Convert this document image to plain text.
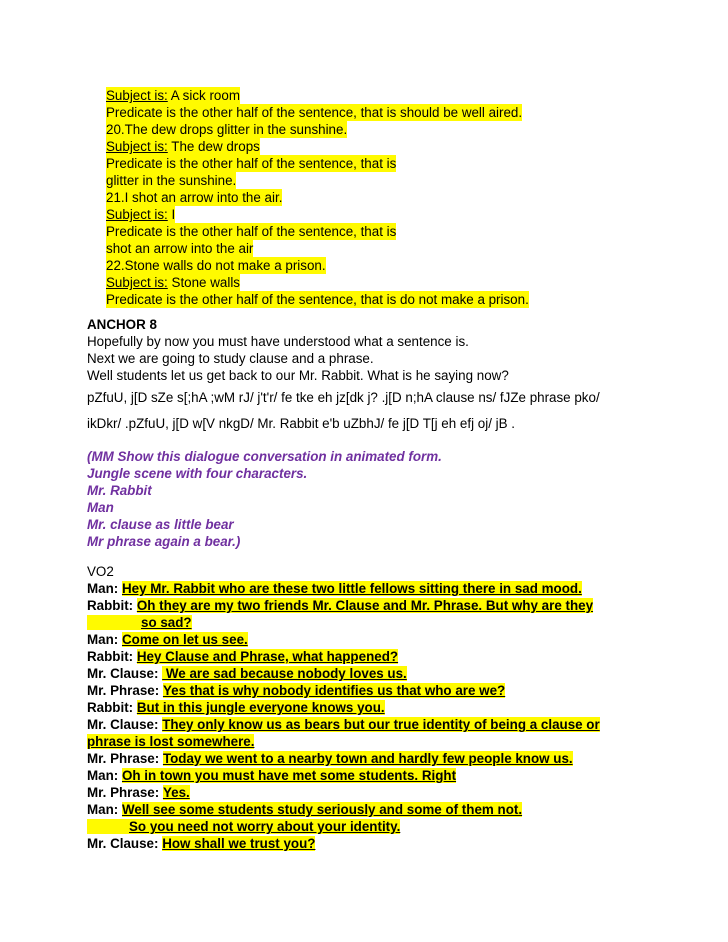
Subject is: A sick room
Predicate is the other half of the sentence, that is should be well aired.
20.The dew drops glitter in the sunshine.
Subject is: The dew drops
Predicate is the other half of the sentence, that is
glitter in the sunshine.
21.I shot an arrow into the air.
Subject is: I
Predicate is the other half of the sentence, that is
shot an arrow into the air
22.Stone walls do not make a prison.
Subject is: Stone walls
Predicate is the other half of the sentence, that is do not make a prison.
ANCHOR 8
Hopefully by now you must have understood what a sentence is.
Next we are going to study clause and a phrase.
Well students let us get back to our Mr. Rabbit. What is he saying now?
pZfuU, j[D sZe s[;hA ;wM rJ/ j't'r/ fe tke eh jz[dk j? .j[D n;hA clause ns/ fJZe phrase pko/
ikDkr/ .pZfuU, j[D w[V nkgD/ Mr. Rabbit e'b uZbhJ/ fe j[D T[j eh efj oj/ jB .
(MM Show this dialogue conversation in animated form.
Jungle scene with four characters.
Mr. Rabbit
Man
Mr. clause as little bear
Mr phrase again a bear.)
VO2
Man: Hey Mr. Rabbit who are these two little fellows sitting there in sad mood.
Rabbit: Oh they are my two friends Mr. Clause and Mr. Phrase. But why are they
so sad?
Man: Come on let us see.
Rabbit: Hey Clause and Phrase, what happened?
Mr. Clause:  We are sad because nobody loves us.
Mr. Phrase: Yes that is why nobody identifies us that who are we?
Rabbit: But in this jungle everyone knows you.
Mr. Clause: They only know us as bears but our true identity of being a clause or
phrase is lost somewhere.
Mr. Phrase: Today we went to a nearby town and hardly few people know us.
Man: Oh in town you must have met some students. Right
Mr. Phrase: Yes.
Man: Well see some students study seriously and some of them not.
So you need not worry about your identity.
Mr. Clause: How shall we trust you?
